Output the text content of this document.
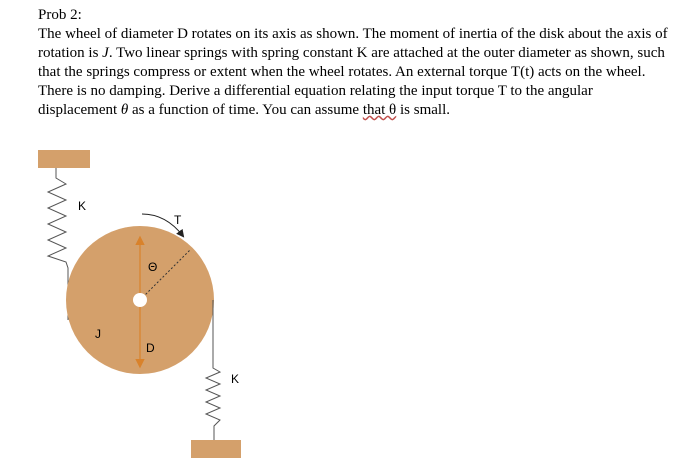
Prob 2:

The wheel of diameter D rotates on its axis as shown. The moment of inertia of the disk about the axis of rotation is J. Two linear springs with spring constant K are attached at the outer diameter as shown, such that the springs compress or extent when the wheel rotates. An external torque T(t) acts on the wheel. There is no damping. Derive a differential equation relating the input torque T to the angular displacement θ as a function of time. You can assume that θ is small.

K
T
Θ
J
D
K
